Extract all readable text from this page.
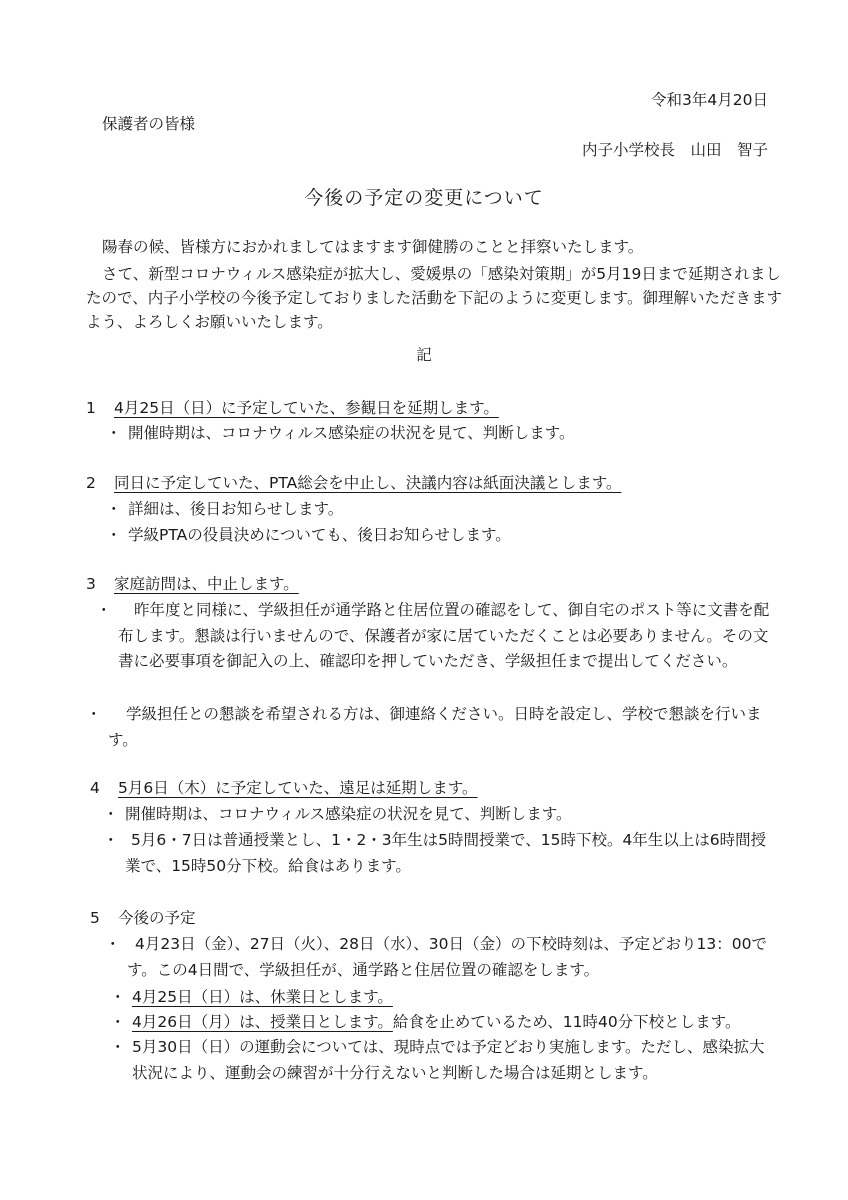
令和3年4月20日
保護者の皆様
内子小学校長　山田　智子
今後の予定の変更について
陽春の候、皆様方におかれましてはますます御健勝のことと拝察いたします。
さて、新型コロナウィルス感染症が拡大し、愛媛県の「感染対策期」が5月19日まで延期されましたので、内子小学校の今後予定しておりました活動を下記のように変更します。御理解いただきますよう、よろしくお願いいたします。
記
1 4月25日（日）に予定していた、参観日を延期します。
・ 開催時期は、コロナウィルス感染症の状況を見て、判断します。
2 同日に予定していた、PTA総会を中止し、決議内容は紙面決議とします。
・ 詳細は、後日お知らせします。
・ 学級PTAの役員決めについても、後日お知らせします。
3 家庭訪問は、中止します。
・ 昨年度と同様に、学級担任が通学路と住居位置の確認をして、御自宅のポスト等に文書を配布します。懇談は行いませんので、保護者が家に居ていただくことは必要ありません。その文書に必要事項を御記入の上、確認印を押していただき、学級担任まで提出してください。
・ 学級担任との懇談を希望される方は、御連絡ください。日時を設定し、学校で懇談を行います。
4 5月6日（木）に予定していた、遠足は延期します。
・ 開催時期は、コロナウィルス感染症の状況を見て、判断します。
・ 5月6・7日は普通授業とし、1・2・3年生は5時間授業で、15時下校。4年生以上は6時間授業で、15時50分下校。給食はあります。
5 今後の予定
・ 4月23日（金）、27日（火）、28日（水）、30日（金）の下校時刻は、予定どおり13：00です。この4日間で、学級担任が、通学路と住居位置の確認をします。
・ 4月25日（日）は、休業日とします。
・ 4月26日（月）は、授業日とします。給食を止めているため、11時40分下校とします。
・ 5月30日（日）の運動会については、現時点では予定どおり実施します。ただし、感染拡大状況により、運動会の練習が十分行えないと判断した場合は延期とします。
